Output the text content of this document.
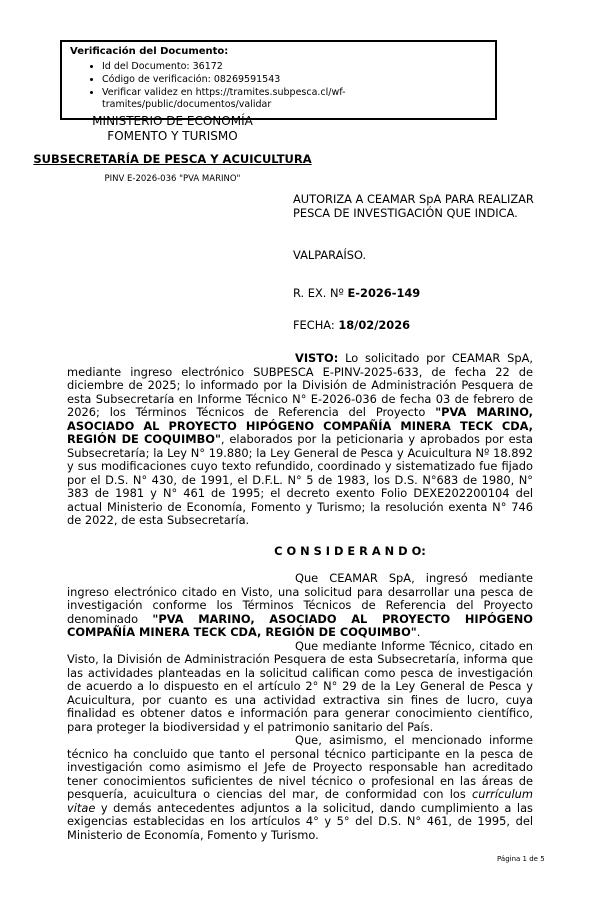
Verificación del Documento:
• Id del Documento: 36172
• Código de verificación: 08269591543
• Verificar validez en https://tramites.subpesca.cl/wf-tramites/public/documentos/validar
MINISTERIO DE ECONOMÍA
FOMENTO Y TURISMO
SUBSECRETARÍA DE PESCA Y ACUICULTURA
PINV E-2026-036 "PVA MARINO"

AUTORIZA A CEAMAR SpA PARA REALIZAR PESCA DE INVESTIGACIÓN QUE INDICA.

VALPARAÍSO.
R. EX. Nº E-2026-149
FECHA: 18/02/2026

VISTO: Lo solicitado por CEAMAR SpA, mediante ingreso electrónico SUBPESCA E-PINV-2025-633, de fecha 22 de diciembre de 2025; lo informado por la División de Administración Pesquera de esta Subsecretaría en Informe Técnico N° E-2026-036 de fecha 03 de febrero de 2026; los Términos Técnicos de Referencia del Proyecto "PVA MARINO, ASOCIADO AL PROYECTO HIPÓGENO COMPAÑÍA MINERA TECK CDA, REGIÓN DE COQUIMBO", elaborados por la peticionaria y aprobados por esta Subsecretaría; la Ley N° 19.880; la Ley General de Pesca y Acuicultura Nº 18.892 y sus modificaciones cuyo texto refundido, coordinado y sistematizado fue fijado por el D.S. N° 430, de 1991, el D.F.L. N° 5 de 1983, los D.S. N°683 de 1980, N° 383 de 1981 y N° 461 de 1995; el decreto exento Folio DEXE202200104 del actual Ministerio de Economía, Fomento y Turismo; la resolución exenta N° 746 de 2022, de esta Subsecretaría.

C O N S I D E R A N D O:

Que CEAMAR SpA, ingresó mediante ingreso electrónico citado en Visto, una solicitud para desarrollar una pesca de investigación conforme los Términos Técnicos de Referencia del Proyecto denominado "PVA MARINO, ASOCIADO AL PROYECTO HIPÓGENO COMPAÑÍA MINERA TECK CDA, REGIÓN DE COQUIMBO".

Que mediante Informe Técnico, citado en Visto, la División de Administración Pesquera de esta Subsecretaría, informa que las actividades planteadas en la solicitud califican como pesca de investigación de acuerdo a lo dispuesto en el artículo 2° N° 29 de la Ley General de Pesca y Acuicultura, por cuanto es una actividad extractiva sin fines de lucro, cuya finalidad es obtener datos e información para generar conocimiento científico, para proteger la biodiversidad y el patrimonio sanitario del País.

Que, asimismo, el mencionado informe técnico ha concluido que tanto el personal técnico participante en la pesca de investigación como asimismo el Jefe de Proyecto responsable han acreditado tener conocimientos suficientes de nivel técnico o profesional en las áreas de pesquería, acuicultura o ciencias del mar, de conformidad con los currículum vitae y demás antecedentes adjuntos a la solicitud, dando cumplimiento a las exigencias establecidas en los artículos 4° y 5° del D.S. N° 461, de 1995, del Ministerio de Economía, Fomento y Turismo.

Página 1 de 5
